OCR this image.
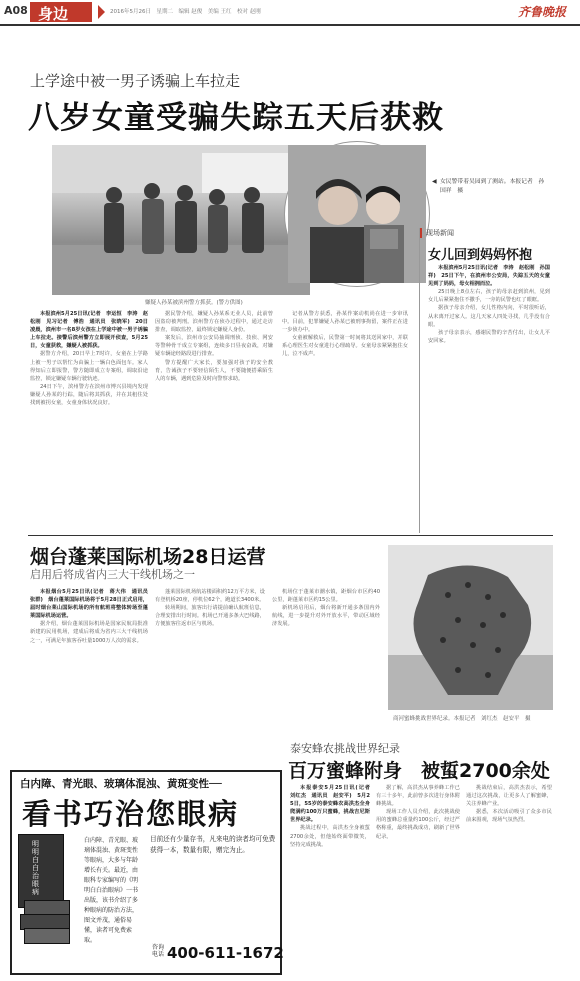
A08 身边	2016年5月26日　星期二　编辑 赵俊　美编 王红　校对 赵刚	齐鲁晚报
上学途中被一男子诱骗上车拉走
八岁女童受骗失踪五天后获救
嫌疑人孙某被滨州警方抓获。(警方供图)
◀ 女民警带着吴园到了测站。本报记者　孙国祥　摄
现场新闻
女儿回到妈妈怀抱

本报滨州5月25日讯(记者　李运恒　李涛　赵松刚　见习记者　傅浩　通讯员　张晓军)　20日凌晨，滨州市一名8岁女孩在上学途中被一男子诱骗上车拉走。接警后滨州警方立即展开侦查，5月25日，女童获救，嫌疑人被抓获。

据警方介绍，20日早上7时许，女童在上学路上被一男子以帮忙为由骗上一辆白色面包车。家人得知后立即报警，警方随即成立专案组，调取沿途监控，锁定嫌疑车辆行驶轨迹。

24日下午，滨州警方在滨州市博兴县境内发现嫌疑人孙某的行踪，随后将其抓获，并在其租住处找到被拐女童，女童身体状况良好。

据民警介绍，嫌疑人孙某系无业人员，此前曾因盗窃被判刑。滨州警方在侦办过程中，通过走访排查，调取监控，最终锁定嫌疑人身份。

案发后，滨州市公安局抽调刑侦、技侦、网安等警种骨干成立专案组，连续多日昼夜奋战，对嫌疑车辆途经路段进行排查。

警方提醒广大家长，要加强对孩子的安全教育，告诫孩子不要轻信陌生人，不要随便搭乘陌生人的车辆，遇到危险及时向警察求助。

记者从警方获悉，孙某作案动机尚在进一步审讯中。目前，犯罪嫌疑人孙某已被刑事拘留，案件正在进一步侦办中。

女童被解救后，民警第一时间将其送回家中，并联系心理医生对女童进行心理疏导。女童母亲紧紧抱住女儿，泣不成声。

本报滨州5月25日讯(记者　李涛　赵松刚　孙国祥)　25日下午，在滨州市公安局，失踪五天的女童见到了妈妈，母女相拥而泣。

25日晚上8点左右，孩子的母亲赶到滨州，见到女儿后紧紧抱住不撒手，一旁的民警也红了眼眶。

据孩子母亲介绍，女儿性格内向，平时很听话，从未离开过家人。这几天家人四处寻找，几乎没有合眼。

孩子母亲表示，感谢民警的辛苦付出，让女儿平安回家。

烟台蓬莱国际机场28日运营
启用后将成省内三大干线机场之一

本报烟台5月25日讯(记者　蒋大伟　通讯员　张群)　烟台蓬莱国际机场将于5月28日正式启用，届时烟台莱山国际机场的所有航班将整体转场至蓬莱国际机场运营。

据介绍，烟台蓬莱国际机场是国家民航局批准新建的民用机场，建成后将成为省内三大干线机场之一，可满足年旅客吞吐量1000万人次的需求。

蓬莱国际机场航站楼面积约12万平方米，设有登机桥20座，停机位62个，跑道长3400米。

转场期间，旅客出行请提前确认航班信息，合理安排出行时间。机场已开通多条大巴线路，方便旅客往返市区与机场。

机场位于蓬莱市潮水镇，距烟台市区约40公里，距蓬莱市区约15公里。

新机场启用后，烟台将新开通多条国内外航线，进一步提升对外开放水平，带动区域经济发展。

商河蜜蜂挑战世界纪录。本报记者　刘红杰　赵安平　摄
泰安蜂农挑战世界纪录
百万蜜蜂附身　被蜇2700余处

本报泰安5月25日讯(记者　刘红杰　通讯员　赵安平)　5月25日，55岁的泰安蜂农高洪杰全身爬满约100万只蜜蜂，挑战吉尼斯世界纪录。

挑战过程中，高洪杰全身被蜇2700余处，但他始终面带微笑，坚持完成挑战。

据了解，高洪杰从事养蜂工作已有三十多年，此前曾多次进行身体附蜂挑战。

现场工作人员介绍，此次挑战使用的蜜蜂总重量约100公斤，经过严格称重，最终挑战成功，刷新了世界纪录。

挑战结束后，高洪杰表示，希望通过这次挑战，让更多人了解蜜蜂，关注养蜂产业。

据悉，本次活动吸引了众多市民前来围观，现场气氛热烈。

白内障、青光眼、玻璃体混浊、黄斑变性──
看书巧治您眼病
明明白白治眼病
白内障、青光眼、玻璃体混浊、黄斑变性等眼病，大多与年龄增长有关。最近，由眼科专家编写的《明明白白治眼病》一书出版，该书介绍了多种眼病的防治方法，图文并茂，通俗易懂，读者可免费索取。
目前还有少量存书，凡来电的读者均可免费获得一本，数量有限，赠完为止。
咨询电话 400-611-1672
